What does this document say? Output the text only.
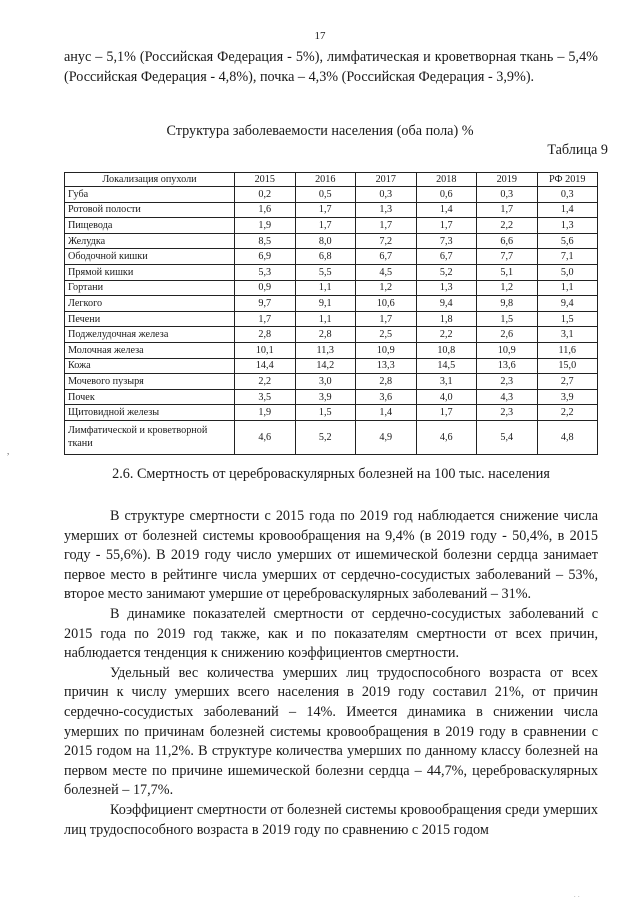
17

анус – 5,1% (Российская Федерация - 5%), лимфатическая и кроветворная ткань – 5,4% (Российская Федерация - 4,8%), почка – 4,3% (Российская Федерация - 3,9%).

Структура заболеваемости населения (оба пола) %
Таблица 9
Локализация опухоли	2015	2016	2017	2018	2019	РФ 2019
Губа	0,2	0,5	0,3	0,6	0,3	0,3
Ротовой полости	1,6	1,7	1,3	1,4	1,7	1,4
Пищевода	1,9	1,7	1,7	1,7	2,2	1,3
Желудка	8,5	8,0	7,2	7,3	6,6	5,6
Ободочной кишки	6,9	6,8	6,7	6,7	7,7	7,1
Прямой кишки	5,3	5,5	4,5	5,2	5,1	5,0
Гортани	0,9	1,1	1,2	1,3	1,2	1,1
Легкого	9,7	9,1	10,6	9,4	9,8	9,4
Печени	1,7	1,1	1,7	1,8	1,5	1,5
Поджелудочная железа	2,8	2,8	2,5	2,2	2,6	3,1
Молочная железа	10,1	11,3	10,9	10,8	10,9	11,6
Кожа	14,4	14,2	13,3	14,5	13,6	15,0
Мочевого пузыря	2,2	3,0	2,8	3,1	2,3	2,7
Почек	3,5	3,9	3,6	4,0	4,3	3,9
Щитовидной железы	1,9	1,5	1,4	1,7	2,3	2,2
Лимфатической и кроветворной ткани	4,6	5,2	4,9	4,6	5,4	4,8
2.6. Смертность от цереброваскулярных болезней на 100 тыс. населения

В структуре смертности с 2015 года по 2019 год наблюдается снижение числа умерших от болезней системы кровообращения на 9,4% (в 2019 году - 50,4%, в 2015 году - 55,6%). В 2019 году число умерших от ишемической болезни сердца занимает первое место в рейтинге числа умерших от сердечно-сосудистых заболеваний – 53%, второе место занимают умершие от цереброваскулярных заболеваний – 31%.

В динамике показателей смертности от сердечно-сосудистых заболеваний с 2015 года по 2019 год также, как и по показателям смертности от всех причин, наблюдается тенденция к снижению коэффициентов смертности.

Удельный вес количества умерших лиц трудоспособного возраста от всех причин к числу умерших всего населения в 2019 году составил 21%, от причин сердечно-сосудистых заболеваний – 14%. Имеется динамика в снижении числа умерших по причинам болезней системы кровообращения в 2019 году в сравнении с 2015 годом на 11,2%. В структуре количества умерших по данному классу болезней на первом месте по причине ишемической болезни сердца – 44,7%, цереброваскулярных болезней – 17,7%.

Коэффициент смертности от болезней системы кровообращения среди умерших лиц трудоспособного возраста в 2019 году по сравнению с 2015 годом

,
· ·
